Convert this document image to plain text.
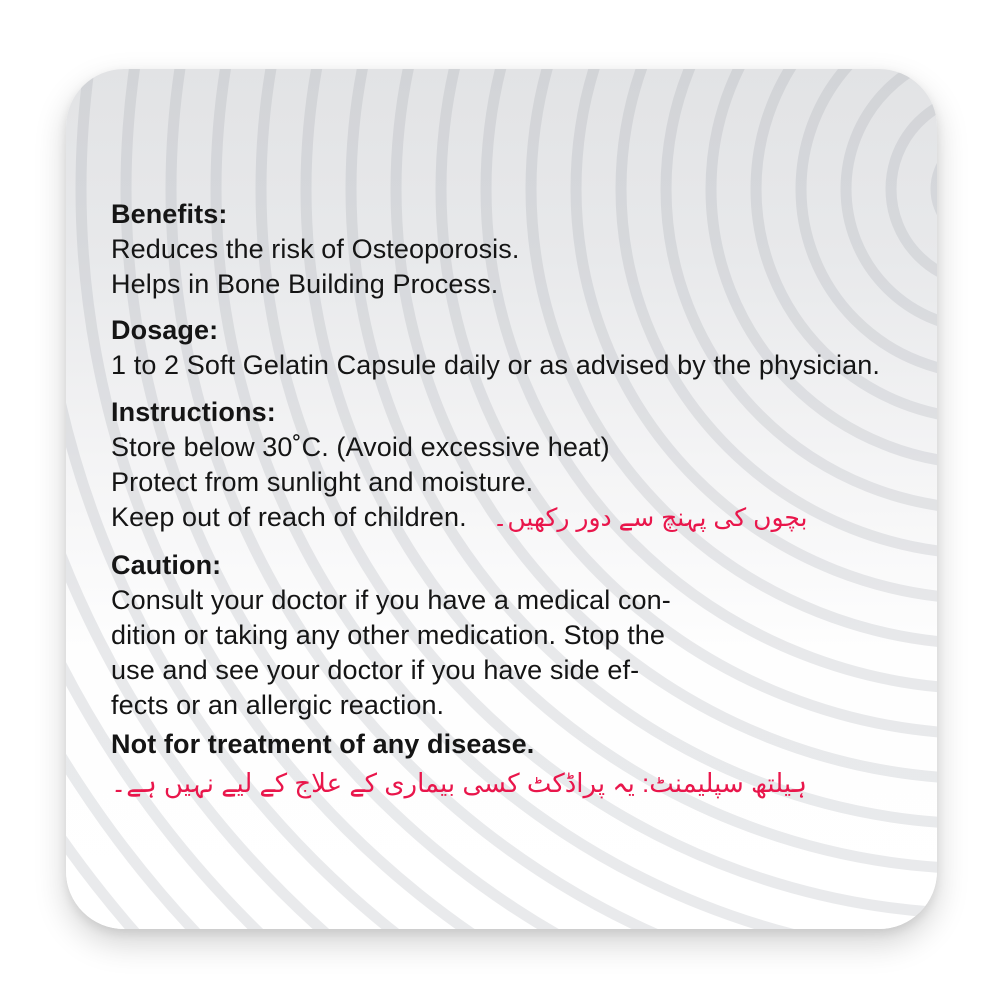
Benefits:
Reduces the risk of Osteoporosis.
Helps in Bone Building Process.
Dosage:
1 to 2 Soft Gelatin Capsule daily or as advised by the physician.
Instructions:
Store below 30˚C. (Avoid excessive heat)
Protect from sunlight and moisture.
Keep out of reach of children. بچوں کی پہنچ سے دور رکھیں۔
Caution:
Consult your doctor if you have a medical con-
dition or taking any other medication. Stop the
use and see your doctor if you have side ef-
fects or an allergic reaction.
Not for treatment of any disease.
ہیلتھ سپلیمنٹ: یہ پراڈکٹ کسی بیماری کے علاج کے لیے نہیں ہے۔
